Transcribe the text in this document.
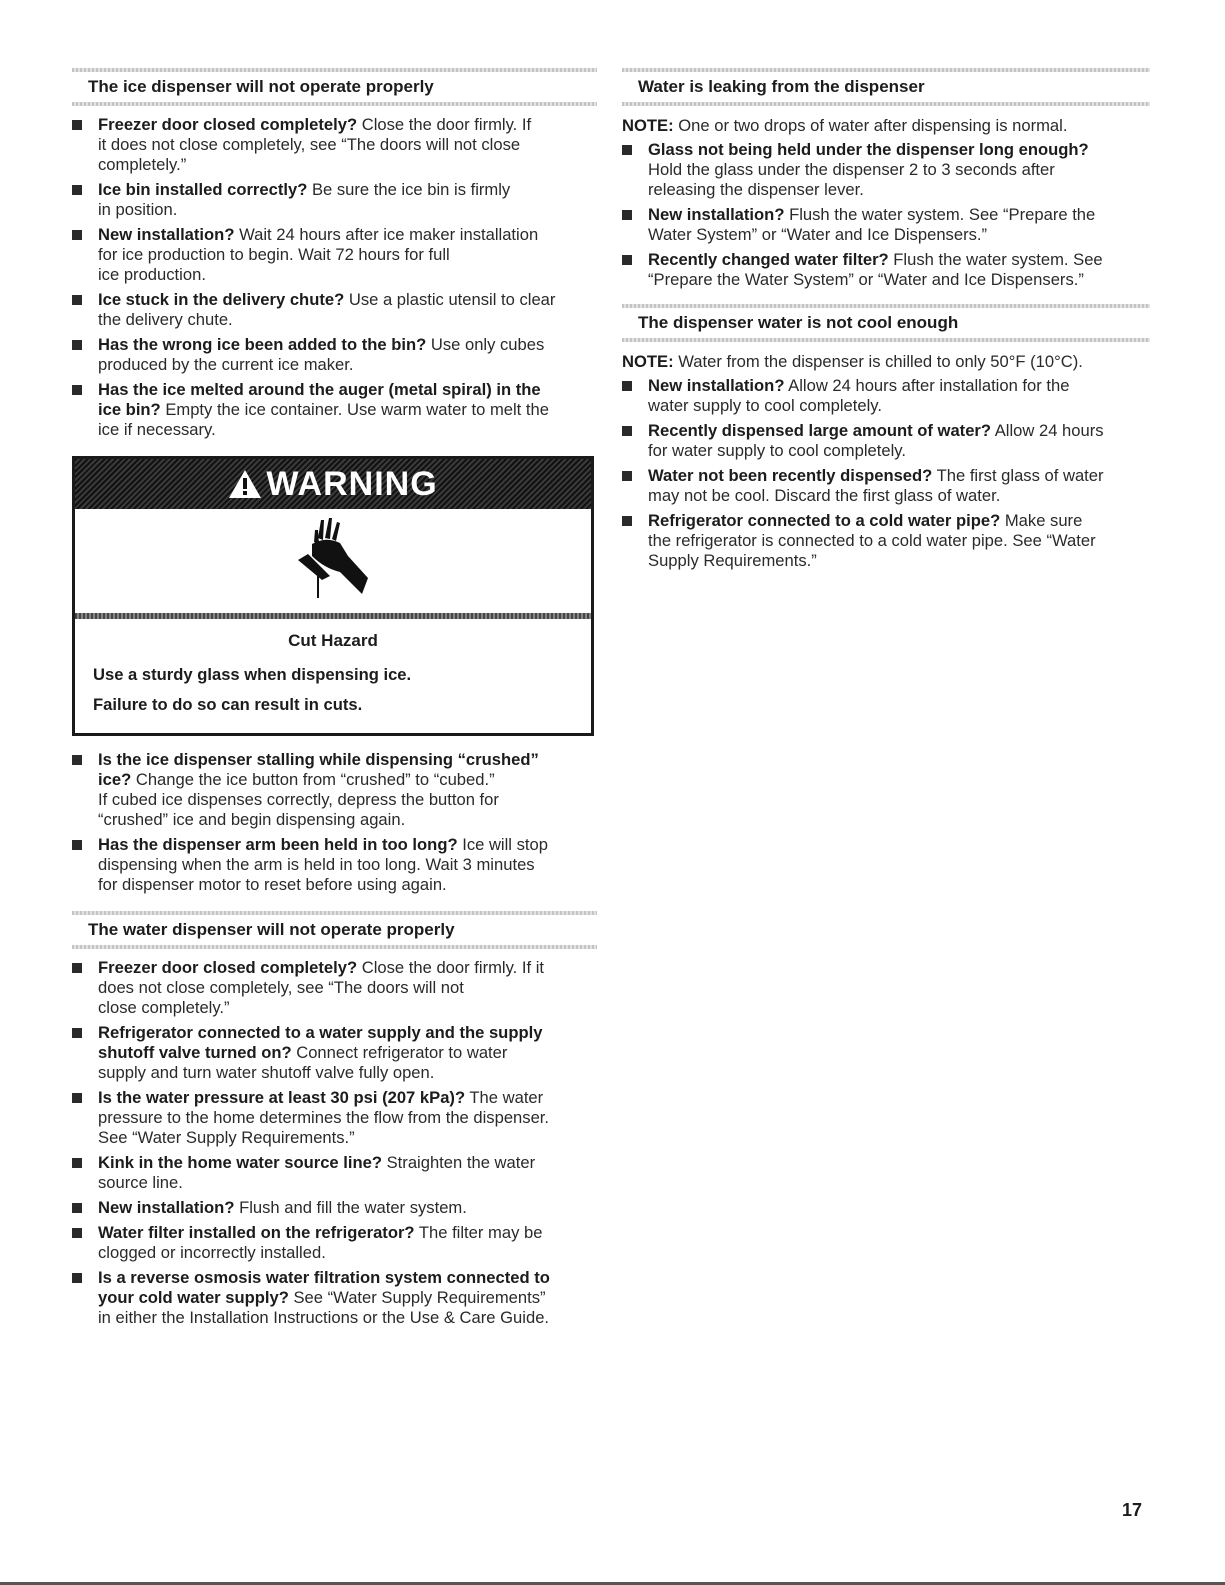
The ice dispenser will not operate properly
Freezer door closed completely? Close the door firmly. If
it does not close completely, see “The doors will not close
completely.”
Ice bin installed correctly? Be sure the ice bin is firmly
in position.
New installation? Wait 24 hours after ice maker installation
for ice production to begin. Wait 72 hours for full
ice production.
Ice stuck in the delivery chute? Use a plastic utensil to clear
the delivery chute.
Has the wrong ice been added to the bin? Use only cubes
produced by the current ice maker.
Has the ice melted around the auger (metal spiral) in the
ice bin? Empty the ice container. Use warm water to melt the
ice if necessary.
WARNING
Cut Hazard
Use a sturdy glass when dispensing ice.
Failure to do so can result in cuts.
Is the ice dispenser stalling while dispensing “crushed”
ice? Change the ice button from “crushed” to “cubed.”
If cubed ice dispenses correctly, depress the button for
“crushed” ice and begin dispensing again.
Has the dispenser arm been held in too long? Ice will stop
dispensing when the arm is held in too long. Wait 3 minutes
for dispenser motor to reset before using again.
The water dispenser will not operate properly
Freezer door closed completely? Close the door firmly. If it
does not close completely, see “The doors will not
close completely.”
Refrigerator connected to a water supply and the supply
shutoff valve turned on? Connect refrigerator to water
supply and turn water shutoff valve fully open.
Is the water pressure at least 30 psi (207 kPa)? The water
pressure to the home determines the flow from the dispenser.
See “Water Supply Requirements.”
Kink in the home water source line? Straighten the water
source line.
New installation? Flush and fill the water system.
Water filter installed on the refrigerator? The filter may be
clogged or incorrectly installed.
Is a reverse osmosis water filtration system connected to
your cold water supply? See “Water Supply Requirements”
in either the Installation Instructions or the Use & Care Guide.
Water is leaking from the dispenser
NOTE: One or two drops of water after dispensing is normal.
Glass not being held under the dispenser long enough?
Hold the glass under the dispenser 2 to 3 seconds after
releasing the dispenser lever.
New installation? Flush the water system. See “Prepare the
Water System” or “Water and Ice Dispensers.”
Recently changed water filter? Flush the water system. See
“Prepare the Water System” or “Water and Ice Dispensers.”
The dispenser water is not cool enough
NOTE: Water from the dispenser is chilled to only 50°F (10°C).
New installation? Allow 24 hours after installation for the
water supply to cool completely.
Recently dispensed large amount of water? Allow 24 hours
for water supply to cool completely.
Water not been recently dispensed? The first glass of water
may not be cool. Discard the first glass of water.
Refrigerator connected to a cold water pipe? Make sure
the refrigerator is connected to a cold water pipe. See “Water
Supply Requirements.”
17
